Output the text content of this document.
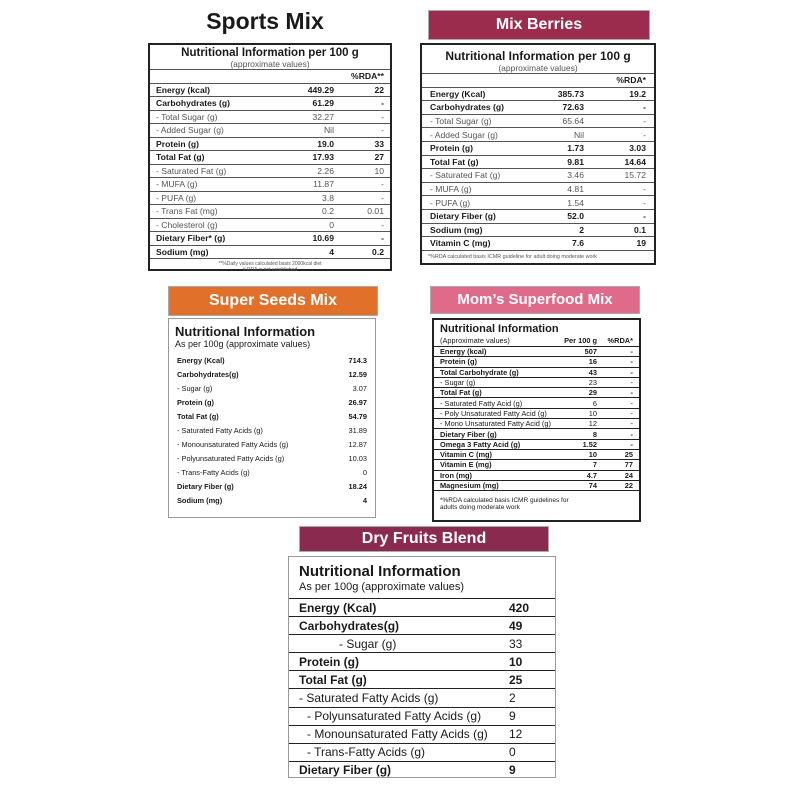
Sports Mix
Nutritional Information per 100 g
(approximate values)
%RDA**
Energy (kcal)	449.29	22
Carbohydrates (g)	61.29	-
- Total Sugar (g)	32.27	-
- Added Sugar (g)	Nil	-
Protein (g)	19.0	33
Total Fat (g)	17.93	27
- Saturated Fat (g)	2.26	10
- MUFA (g)	11.87	-
- PUFA (g)	3.8	-
- Trans Fat (mg)	0.2	0.01
- Cholesterol (g)	0	-
Dietary Fiber* (g)	10.69	-
Sodium (mg)	4	0.2
**%Daily values calculated basis 2000kcal diet
# RDA is not established
Mix Berries
Nutritional Information per 100 g
(approximate values)
%RDA*
Energy (Kcal)	385.73	19.2
Carbohydrates (g)	72.63	-
- Total Sugar (g)	65.64	-
- Added Sugar (g)	Nil	-
Protein (g)	1.73	3.03
Total Fat (g)	9.81	14.64
- Saturated Fat (g)	3.46	15.72
- MUFA (g)	4.81	-
- PUFA (g)	1.54	-
Dietary Fiber (g)	52.0	-
Sodium (mg)	2	0.1
Vitamin C (mg)	7.6	19
*%RDA calculated basis ICMR guideline for adult doing moderate work
Super Seeds Mix
Nutritional Information
As per 100g (approximate values)
Energy (Kcal)	714.3
Carbohydrates(g)	12.59
- Sugar (g)	3.07
Protein (g)	26.97
Total Fat (g)	54.79
- Saturated Fatty Acids (g)	31.89
- Monounsaturated Fatty Acids (g)	12.87
- Polyunsaturated Fatty Acids (g)	10.03
- Trans-Fatty Acids (g)	0
Dietary Fiber (g)	18.24
Sodium (mg)	4
Mom’s Superfood Mix
Nutritional Information
(Approximate values)	Per 100 g	%RDA*
Energy (kcal)	507	-
Protein (g)	16	-
Total Carbohydrate (g)	43	-
- Sugar (g)	23	-
Total Fat (g)	29	-
- Saturated Fatty Acid (g)	6	-
- Poly Unsaturated Fatty Acid (g)	10	-
- Mono Unsaturated Fatty Acid (g)	12	-
Dietary Fiber (g)	8	-
Omega 3 Fatty Acid (g)	1.52	-
Vitamin C (mg)	10	25
Vitamin E (mg)	7	77
Iron (mg)	4.7	24
Magnesium (mg)	74	22
*%RDA calculated basis ICMR guidelines for
adults doing moderate work
Dry Fruits Blend
Nutritional Information
As per 100g (approximate values)
Energy (Kcal)	420
Carbohydrates(g)	49
- Sugar (g)	33
Protein (g)	10
Total Fat (g)	25
- Saturated Fatty Acids (g)	2
- Polyunsaturated Fatty Acids (g)	9
- Monounsaturated Fatty Acids (g)	12
- Trans-Fatty Acids (g)	0
Dietary Fiber (g)	9
